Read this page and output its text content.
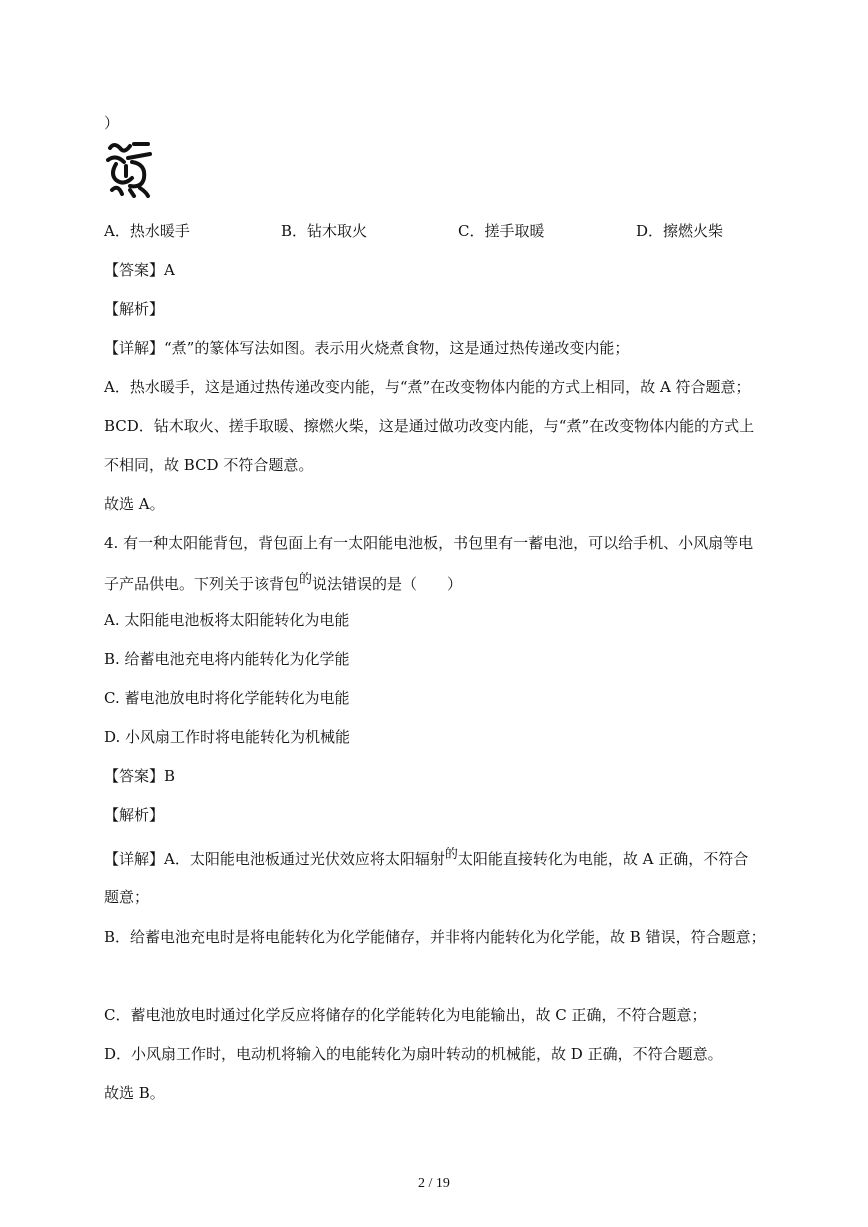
）
A．热水暖手	B．钻木取火	C．搓手取暖	D．擦燃火柴
【答案】A
【解析】
【详解】“煮”的篆体写法如图。表示用火烧煮食物，这是通过热传递改变内能；
A．热水暖手，这是通过热传递改变内能，与“煮”在改变物体内能的方式上相同，故 A 符合题意；
BCD．钻木取火、搓手取暖、擦燃火柴，这是通过做功改变内能，与“煮”在改变物体内能的方式上
不相同，故 BCD 不符合题意。
故选 A。
4. 有一种太阳能背包，背包面上有一太阳能电池板，书包里有一蓄电池，可以给手机、小风扇等电
子产品供电。下列关于该背包的说法错误的是（　　）
A. 太阳能电池板将太阳能转化为电能
B. 给蓄电池充电将内能转化为化学能
C. 蓄电池放电时将化学能转化为电能
D. 小风扇工作时将电能转化为机械能
【答案】B
【解析】
【详解】A．太阳能电池板通过光伏效应将太阳辐射的太阳能直接转化为电能，故 A 正确，不符合
题意；
B．给蓄电池充电时是将电能转化为化学能储存，并非将内能转化为化学能，故 B 错误，符合题意；
C．蓄电池放电时通过化学反应将储存的化学能转化为电能输出，故 C 正确，不符合题意；
D．小风扇工作时，电动机将输入的电能转化为扇叶转动的机械能，故 D 正确，不符合题意。
故选 B。
2 / 19
